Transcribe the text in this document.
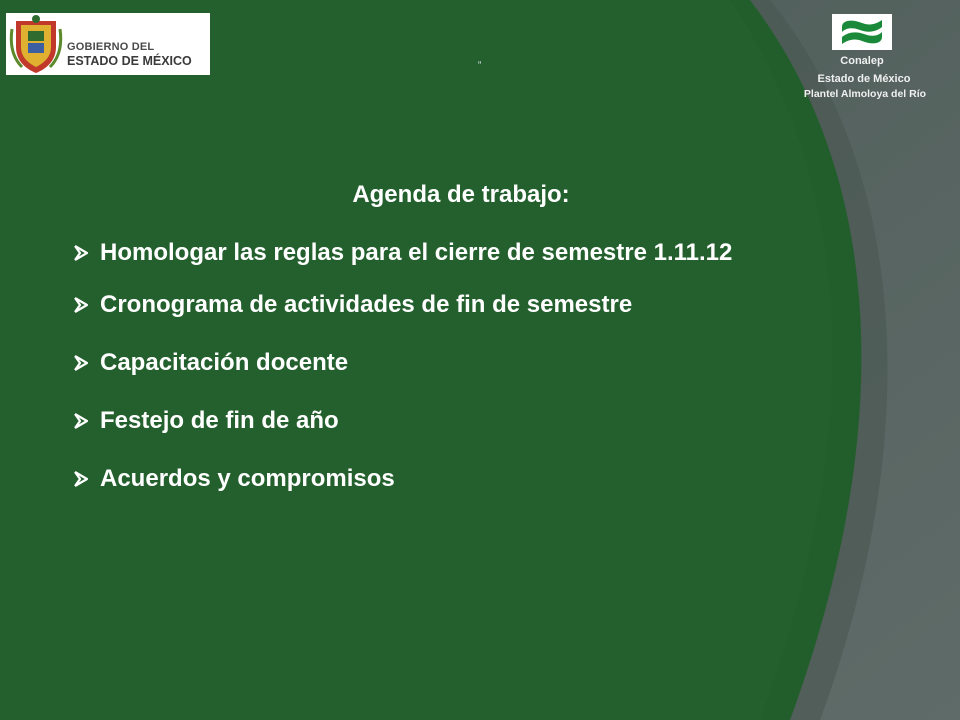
GOBIERNO DEL
ESTADO DE MÉXICO	“	Conalep
Estado de México
Plantel Almoloya del Río
Agenda de trabajo:
Homologar las reglas para el cierre de semestre 1.11.12
Cronograma de actividades de fin de semestre
Capacitación docente
Festejo de fin de año
Acuerdos y compromisos
